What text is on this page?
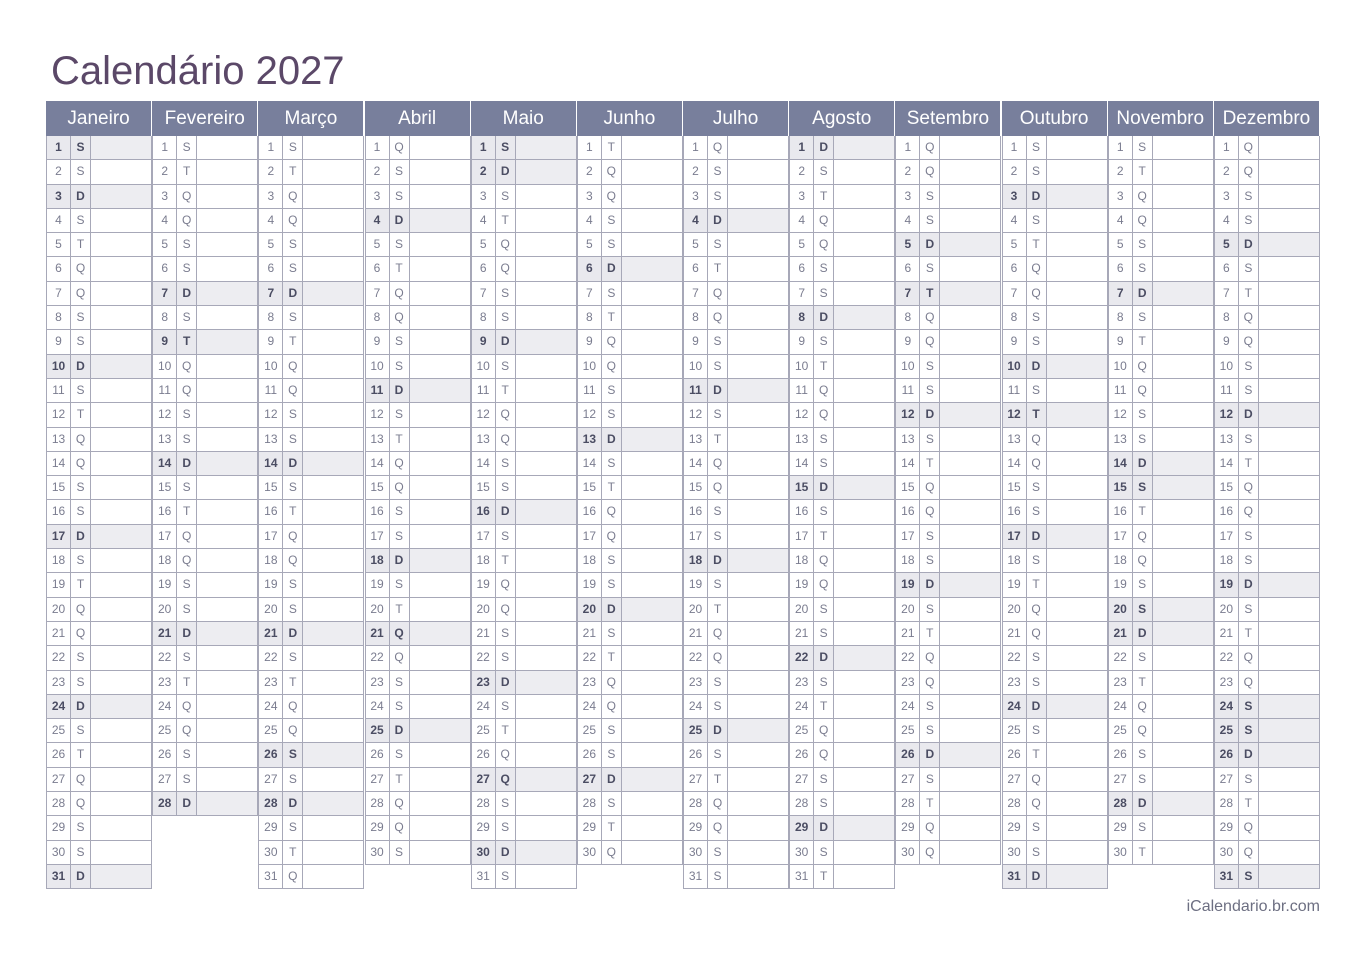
Calendário 2027
Janeiro
1	S
2	S
3	D
4	S
5	T
6	Q
7	Q
8	S
9	S
10 D
11 S
12 T
13 Q
14 Q
15 S
16 S
17 D
18 S
19 T
20 Q
21 Q
22 S
23 S
24 D
25 S
26 T
27 Q
28 Q
29 S
30 S
31 D
Fevereiro
1	S
2	T
3	Q
4	Q
5	S
6	S
7	D
8	S
9	T
10 Q
11 Q
12 S
13 S
14 D
15 S
16 T
17 Q
18 Q
19 S
20 S
21 D
22 S
23 T
24 Q
25 Q
26 S
27 S
28 D
Março
1	S
2	T
3	Q
4	Q
5	S
6	S
7	D
8	S
9	T
10 Q
11 Q
12 S
13 S
14 D
15 S
16 T
17 Q
18 Q
19 S
20 S
21 D
22 S
23 T
24 Q
25 Q
26 S
27 S
28 D
29 S
30 T
31 Q
Abril
1	Q
2	S
3	S
4	D
5	S
6	T
7	Q
8	Q
9	S
10 S
11 D
12 S
13 T
14 Q
15 Q
16 S
17 S
18 D
19 S
20 T
21 Q
22 Q
23 S
24 S
25 D
26 S
27 T
28 Q
29 Q
30 S
Maio
1	S
2	D
3	S
4	T
5	Q
6	Q
7	S
8	S
9	D
10 S
11	T
12 Q
13 Q
14 S
15 S
16 D
17 S
18 T
19 Q
20 Q
21 S
22 S
23 D
24 S
25 T
26 Q
27 Q
28 S
29 S
30 D
31 S
Junho
1	T
2	Q
3	Q
4	S
5	S
6	D
7	S
8	T
9	Q
10 Q
11 S
12 S
13 D
14 S
15 T
16 Q
17 Q
18 S
19 S
20 D
21 S
22 T
23 Q
24 Q
25 S
26 S
27 D
28 S
29 T
30 Q
Julho
1	Q
2	S
3	S
4	D
5	S
6	T
7	Q
8	Q
9	S
10 S
11 D
12 S
13 T
14 Q
15 Q
16 S
17 S
18 D
19 S
20 T
21 Q
22 Q
23 S
24 S
25 D
26 S
27 T
28 Q
29 Q
30 S
31 S
Agosto
1	D
2	S
3	T
4	Q
5	Q
6	S
7	S
8	D
9	S
10 T
11 Q
12 Q
13 S
14 S
15 D
16 S
17 T
18 Q
19 Q
20 S
21 S
22 D
23 S
24 T
25 Q
26 Q
27 S
28 S
29 D
30 S
31 T
Setembro
1	Q
2	Q
3	S
4	S
5	D
6	S
7	T
8	Q
9	Q
10 S
11 S
12 D
13 S
14 T
15 Q
16 Q
17 S
18 S
19 D
20 S
21 T
22 Q
23 Q
24 S
25 S
26 D
27 S
28 T
29 Q
30 Q
Outubro
1	S
2	S
3	D
4	S
5	T
6	Q
7	Q
8	S
9	S
10 D
11 S
12 T
13 Q
14 Q
15 S
16 S
17 D
18 S
19 T
20 Q
21 Q
22 S
23 S
24 D
25 S
26 T
27 Q
28 Q
29 S
30 S
31 D
Novembro
1	S
2	T
3	Q
4	Q
5	S
6	S
7	D
8	S
9	T
10 Q
11 Q
12 S
13 S
14 D
15 S
16 T
17 Q
18 Q
19 S
20 S
21 D
22 S
23 T
24 Q
25 Q
26 S
27 S
28 D
29 S
30 T
Dezembro
1	Q
2	Q
3	S
4	S
5	D
6	S
7	T
8	Q
9	Q
10 S
11 S
12 D
13 S
14 T
15 Q
16 Q
17 S
18 S
19 D
20 S
21 T
22 Q
23 Q
24 S
25 S
26 D
27 S
28 T
29 Q
30 Q
31 S

iCalendario.br.com
